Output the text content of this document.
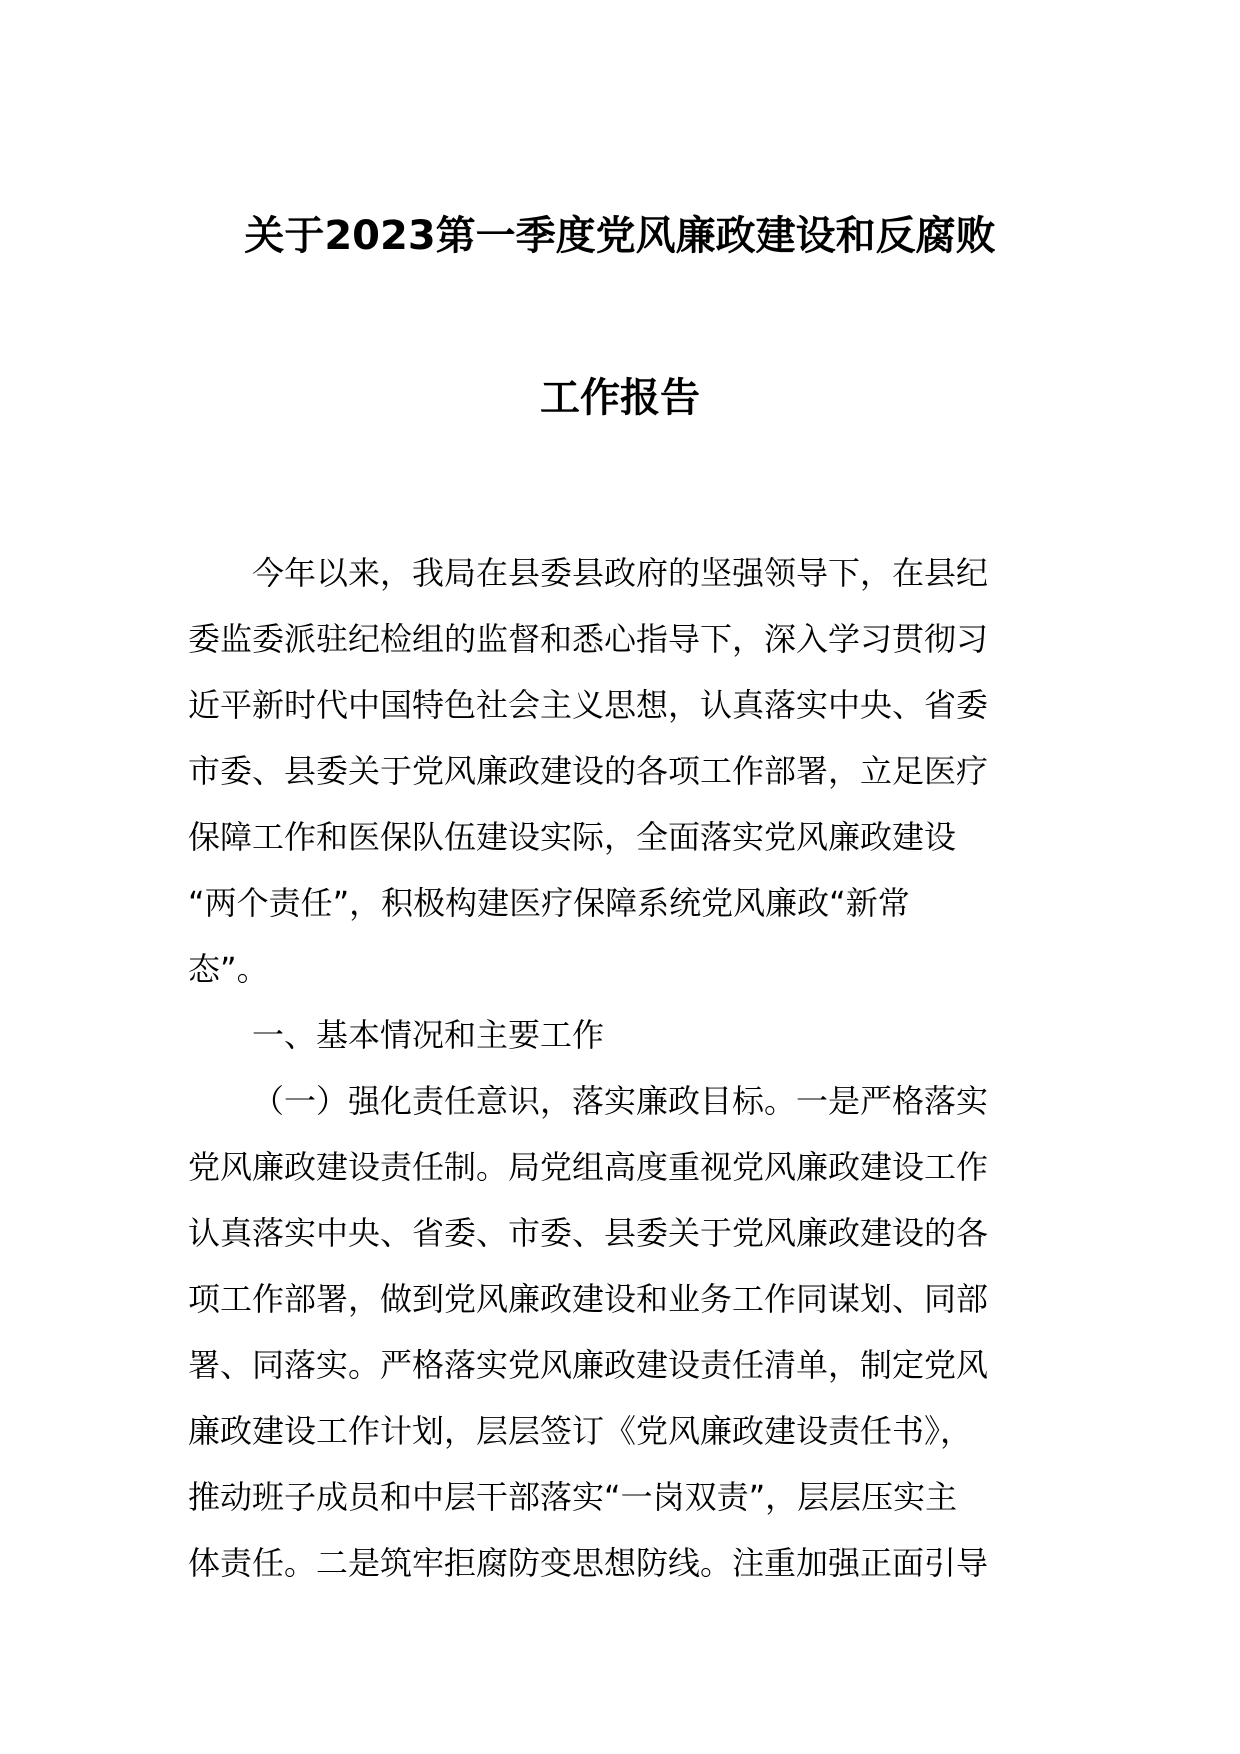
关于2023第一季度党风廉政建设和反腐败
工作报告
今年以来，我局在县委县政府的坚强领导下，在县纪
委监委派驻纪检组的监督和悉心指导下，深入学习贯彻习
近平新时代中国特色社会主义思想，认真落实中央、省委
市委、县委关于党风廉政建设的各项工作部署，立足医疗
保障工作和医保队伍建设实际，全面落实党风廉政建设
“两个责任”，积极构建医疗保障系统党风廉政“新常
态”。
一、基本情况和主要工作
（一）强化责任意识，落实廉政目标。一是严格落实
党风廉政建设责任制。局党组高度重视党风廉政建设工作
认真落实中央、省委、市委、县委关于党风廉政建设的各
项工作部署，做到党风廉政建设和业务工作同谋划、同部
署、同落实。严格落实党风廉政建设责任清单，制定党风
廉政建设工作计划，层层签订《党风廉政建设责任书》，
推动班子成员和中层干部落实“一岗双责”，层层压实主
体责任。二是筑牢拒腐防变思想防线。注重加强正面引导
